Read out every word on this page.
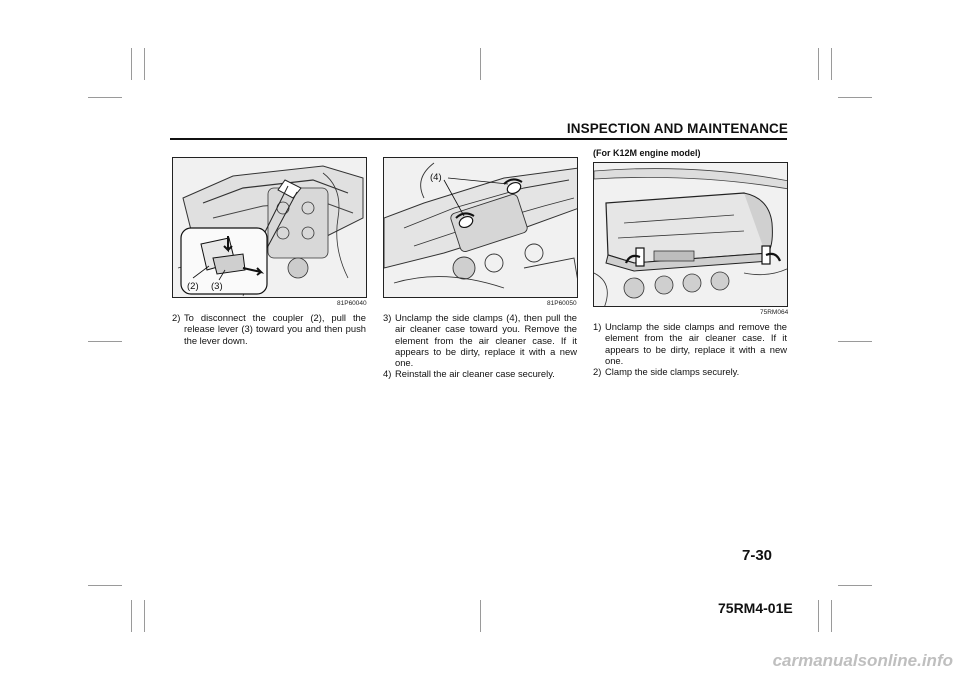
INSPECTION AND MAINTENANCE
(2) (3)
81P60040
2) To disconnect the coupler (2), pull the release lever (3) toward you and then push the lever down.
(4)
81P60050
3) Unclamp the side clamps (4), then pull the air cleaner case toward you. Remove the element from the air cleaner case. If it appears to be dirty, replace it with a new one.
4) Reinstall the air cleaner case securely.
(For K12M engine model)
75RM064
1) Unclamp the side clamps and remove the element from the air cleaner case. If it appears to be dirty, replace it with a new one.
2) Clamp the side clamps securely.
7-30
75RM4-01E
carmanualsonline.info
